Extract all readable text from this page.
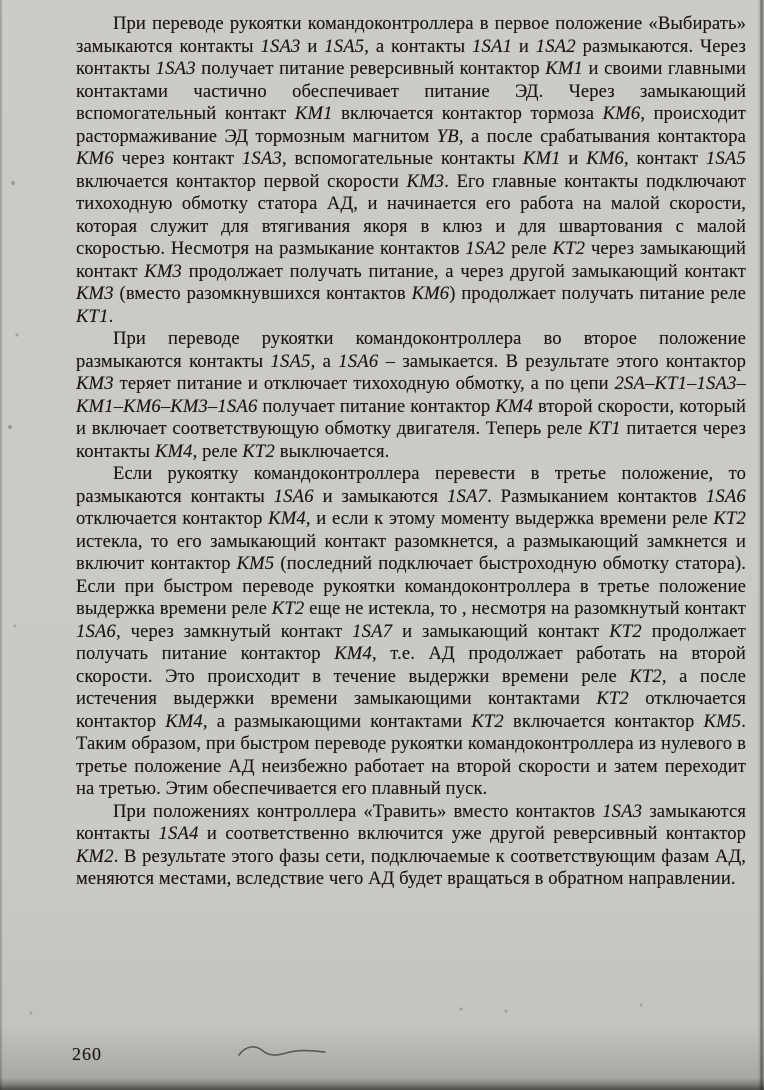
При переводе рукоятки командоконтроллера в первое положение «Выбирать» замыкаются контакты 1SA3 и 1SA5, а контакты 1SA1 и 1SA2 размыкаются. Через контакты 1SA3 получает питание реверсивный контактор КМ1 и своими главными контактами частично обеспечивает питание ЭД. Через замыкающий вспомогательный контакт КМ1 включается контактор тормоза КМ6, происходит растормаживание ЭД тормозным магнитом YB, а после срабатывания контактора КМ6 через контакт 1SA3, вспомогательные контакты КМ1 и КМ6, контакт 1SA5 включается контактор первой скорости КМ3. Его главные контакты подключают тихоходную обмотку статора АД, и начинается его работа на малой скорости, которая служит для втягивания якоря в клюз и для швартования с малой скоростью. Несмотря на размыкание контактов 1SA2 реле КТ2 через замыкающий контакт КМ3 продолжает получать питание, а через другой замыкающий контакт КМ3 (вместо разомкнувшихся контактов КМ6) продолжает получать питание реле КТ1.

При переводе рукоятки командоконтроллера во второе положение размыкаются контакты 1SA5, а 1SA6 – замыкается. В результате этого контактор КМ3 теряет питание и отключает тихоходную обмотку, а по цепи 2SA–КТ1–1SA3–КМ1–КМ6–КМ3–1SA6 получает питание контактор КМ4 второй скорости, который и включает соответствующую обмотку двигателя. Теперь реле КТ1 питается через контакты КМ4, реле КТ2 выключается.

Если рукоятку командоконтроллера перевести в третье положение, то размыкаются контакты 1SA6 и замыкаются 1SA7. Размыканием контактов 1SA6 отключается контактор КМ4, и если к этому моменту выдержка времени реле КТ2 истекла, то его замыкающий контакт разомкнется, а размыкающий замкнется и включит контактор КМ5 (последний подключает быстроходную обмотку статора). Если при быстром переводе рукоятки командоконтроллера в третье положение выдержка времени реле КТ2 еще не истекла, то , несмотря на разомкнутый контакт 1SA6, через замкнутый контакт 1SA7 и замыкающий контакт КТ2 продолжает получать питание контактор КМ4, т.е. АД продолжает работать на второй скорости. Это происходит в течение выдержки времени реле КТ2, а после истечения выдержки времени замыкающими контактами КТ2 отключается контактор КМ4, а размыкающими контактами КТ2 включается контактор КМ5. Таким образом, при быстром переводе рукоятки командоконтроллера из нулевого в третье положение АД неизбежно работает на второй скорости и затем переходит на третью. Этим обеспечивается его плавный пуск.

При положениях контроллера «Травить» вместо контактов 1SA3 замыкаются контакты 1SA4 и соответственно включится уже другой реверсивный контактор КМ2. В результате этого фазы сети, подключаемые к соответствующим фазам АД, меняются местами, вследствие чего АД будет вращаться в обратном направлении.

260
